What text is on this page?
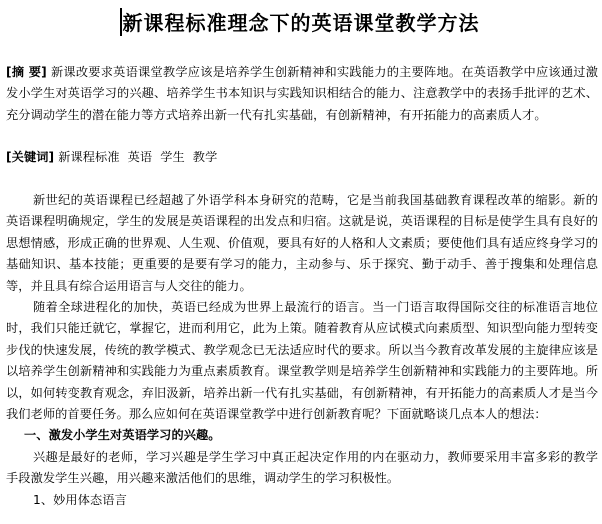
新课程标准理念下的英语课堂教学方法
[摘 要] 新课改要求英语课堂教学应该是培养学生创新精神和实践能力的主要阵地。在英语教学中应该通过激发小学生对英语学习的兴趣、培养学生书本知识与实践知识相结合的能力、注意教学中的表扬手批评的艺术、充分调动学生的潜在能力等方式培养出新一代有扎实基础，有创新精神，有开拓能力的高素质人才。
[关键词] 新课程标准 英语 学生 教学

新世纪的英语课程已经超越了外语学科本身研究的范畴，它是当前我国基础教育课程改革的缩影。新的英语课程明确规定，学生的发展是英语课程的出发点和归宿。这就是说，英语课程的目标是使学生具有良好的思想情感，形成正确的世界观、人生观、价值观，要具有好的人格和人文素质；要使他们具有适应终身学习的基础知识、基本技能；更重要的是要有学习的能力，主动参与、乐于探究、勤于动手、善于搜集和处理信息等，并且具有综合运用语言与人交往的能力。

随着全球进程化的加快，英语已经成为世界上最流行的语言。当一门语言取得国际交往的标准语言地位时，我们只能迁就它，掌握它，进而利用它，此为上策。随着教育从应试模式向素质型、知识型向能力型转变步伐的快速发展，传统的教学模式、教学观念已无法适应时代的要求。所以当今教育改革发展的主旋律应该是以培养学生创新精神和实践能力为重点素质教育。课堂教学则是培养学生创新精神和实践能力的主要阵地。所以，如何转变教育观念，弃旧汲新，培养出新一代有扎实基础，有创新精神，有开拓能力的高素质人才是当今我们老师的首要任务。那么应如何在英语课堂教学中进行创新教育呢？下面就略谈几点本人的想法：

一、激发小学生对英语学习的兴趣。

兴趣是最好的老师，学习兴趣是学生学习中真正起决定作用的内在驱动力，教师要采用丰富多彩的教学手段激发学生兴趣，用兴趣来激活他们的思维，调动学生的学习积极性。

1、妙用体态语言
